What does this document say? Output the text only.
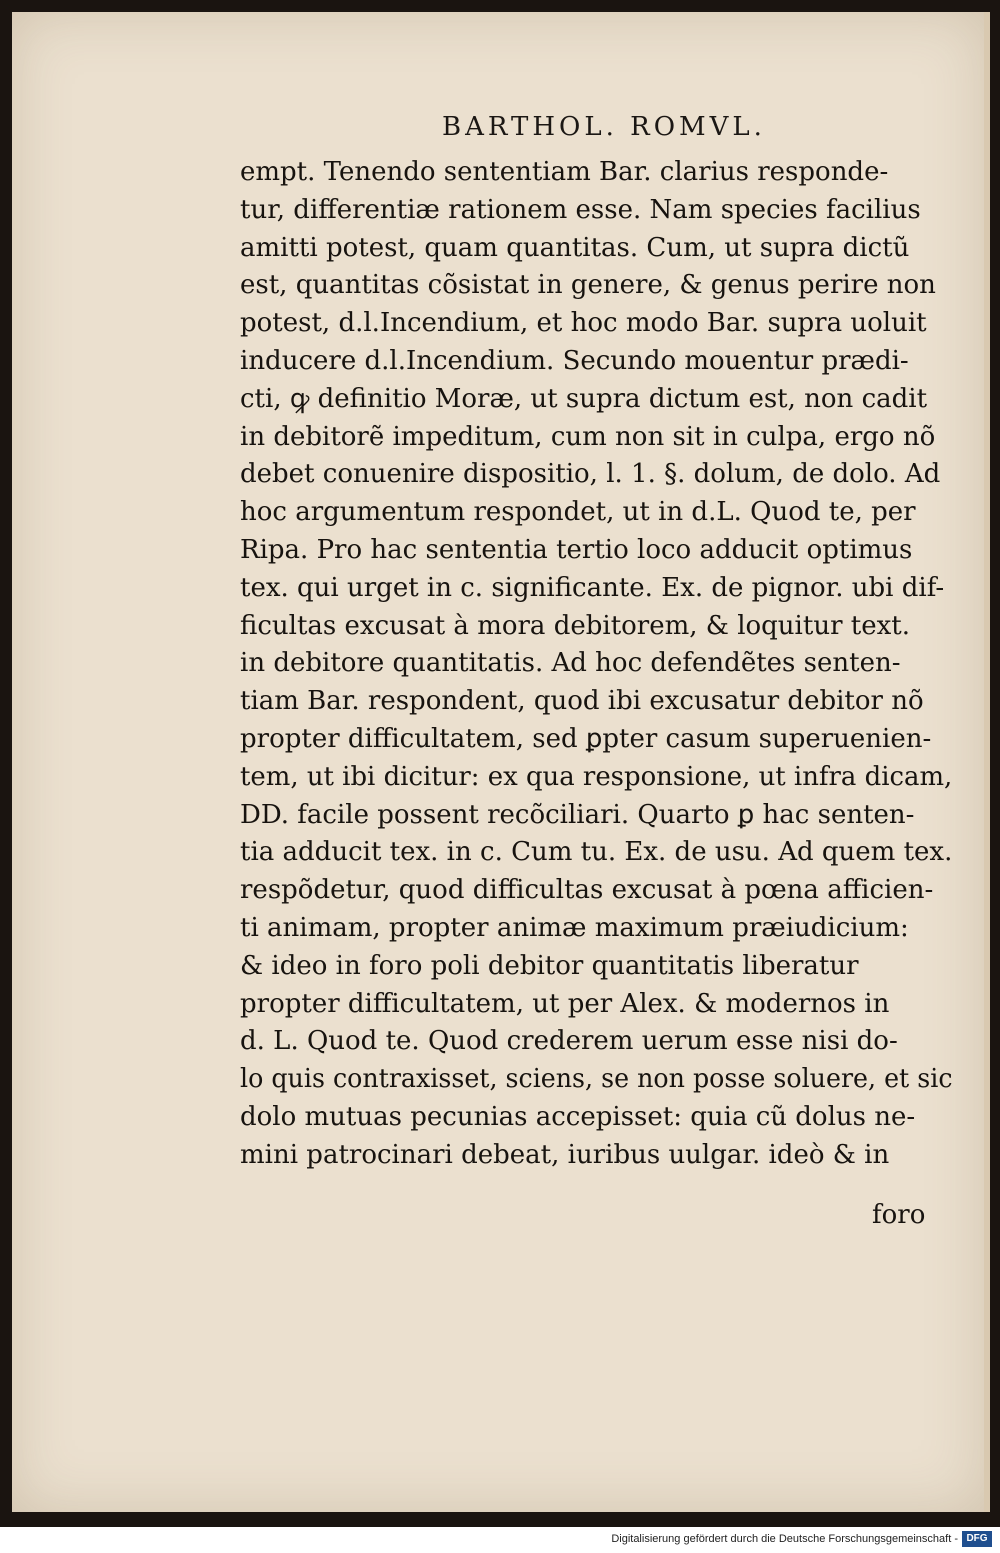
BARTHOL. ROMVL.
empt. Tenendo sententiam Bar. clarius responde-
tur, differentiæ rationem esse. Nam species facilius
amitti potest, quam quantitas. Cum, ut supra dictũ
est, quantitas cõsistat in genere, & genus perire non
potest, d.l.Incendium, et hoc modo Bar. supra uoluit
inducere d.l.Incendium. Secundo mouentur prædi-
cti, ꝙ definitio Moræ, ut supra dictum est, non cadit
in debitorẽ impeditum, cum non sit in culpa, ergo nõ
debet conuenire dispositio, l. 1. §. dolum, de dolo. Ad
hoc argumentum respondet, ut in d.L. Quod te, per
Ripa. Pro hac sententia tertio loco adducit optimus
tex. qui urget in c. significante. Ex. de pignor. ubi dif-
ficultas excusat à mora debitorem, & loquitur text.
in debitore quantitatis. Ad hoc defendẽtes senten-
tiam Bar. respondent, quod ibi excusatur debitor nõ
propter difficultatem, sed ꝑpter casum superuenien-
tem, ut ibi dicitur: ex qua responsione, ut infra dicam,
DD. facile possent recõciliari. Quarto ꝑ hac senten-
tia adducit tex. in c. Cum tu. Ex. de usu. Ad quem tex.
respõdetur, quod difficultas excusat à pœna afficien-
ti animam, propter animæ maximum præiudicium:
& ideo in foro poli debitor quantitatis liberatur
propter difficultatem, ut per Alex. & modernos in
d. L. Quod te. Quod crederem uerum esse nisi do-
lo quis contraxisset, sciens, se non posse soluere, et sic
dolo mutuas pecunias accepisset: quia cũ dolus ne-
mini patrocinari debeat, iuribus uulgar. ideò & in
foro
Digitalisierung gefördert durch die Deutsche Forschungsgemeinschaft - DFG
